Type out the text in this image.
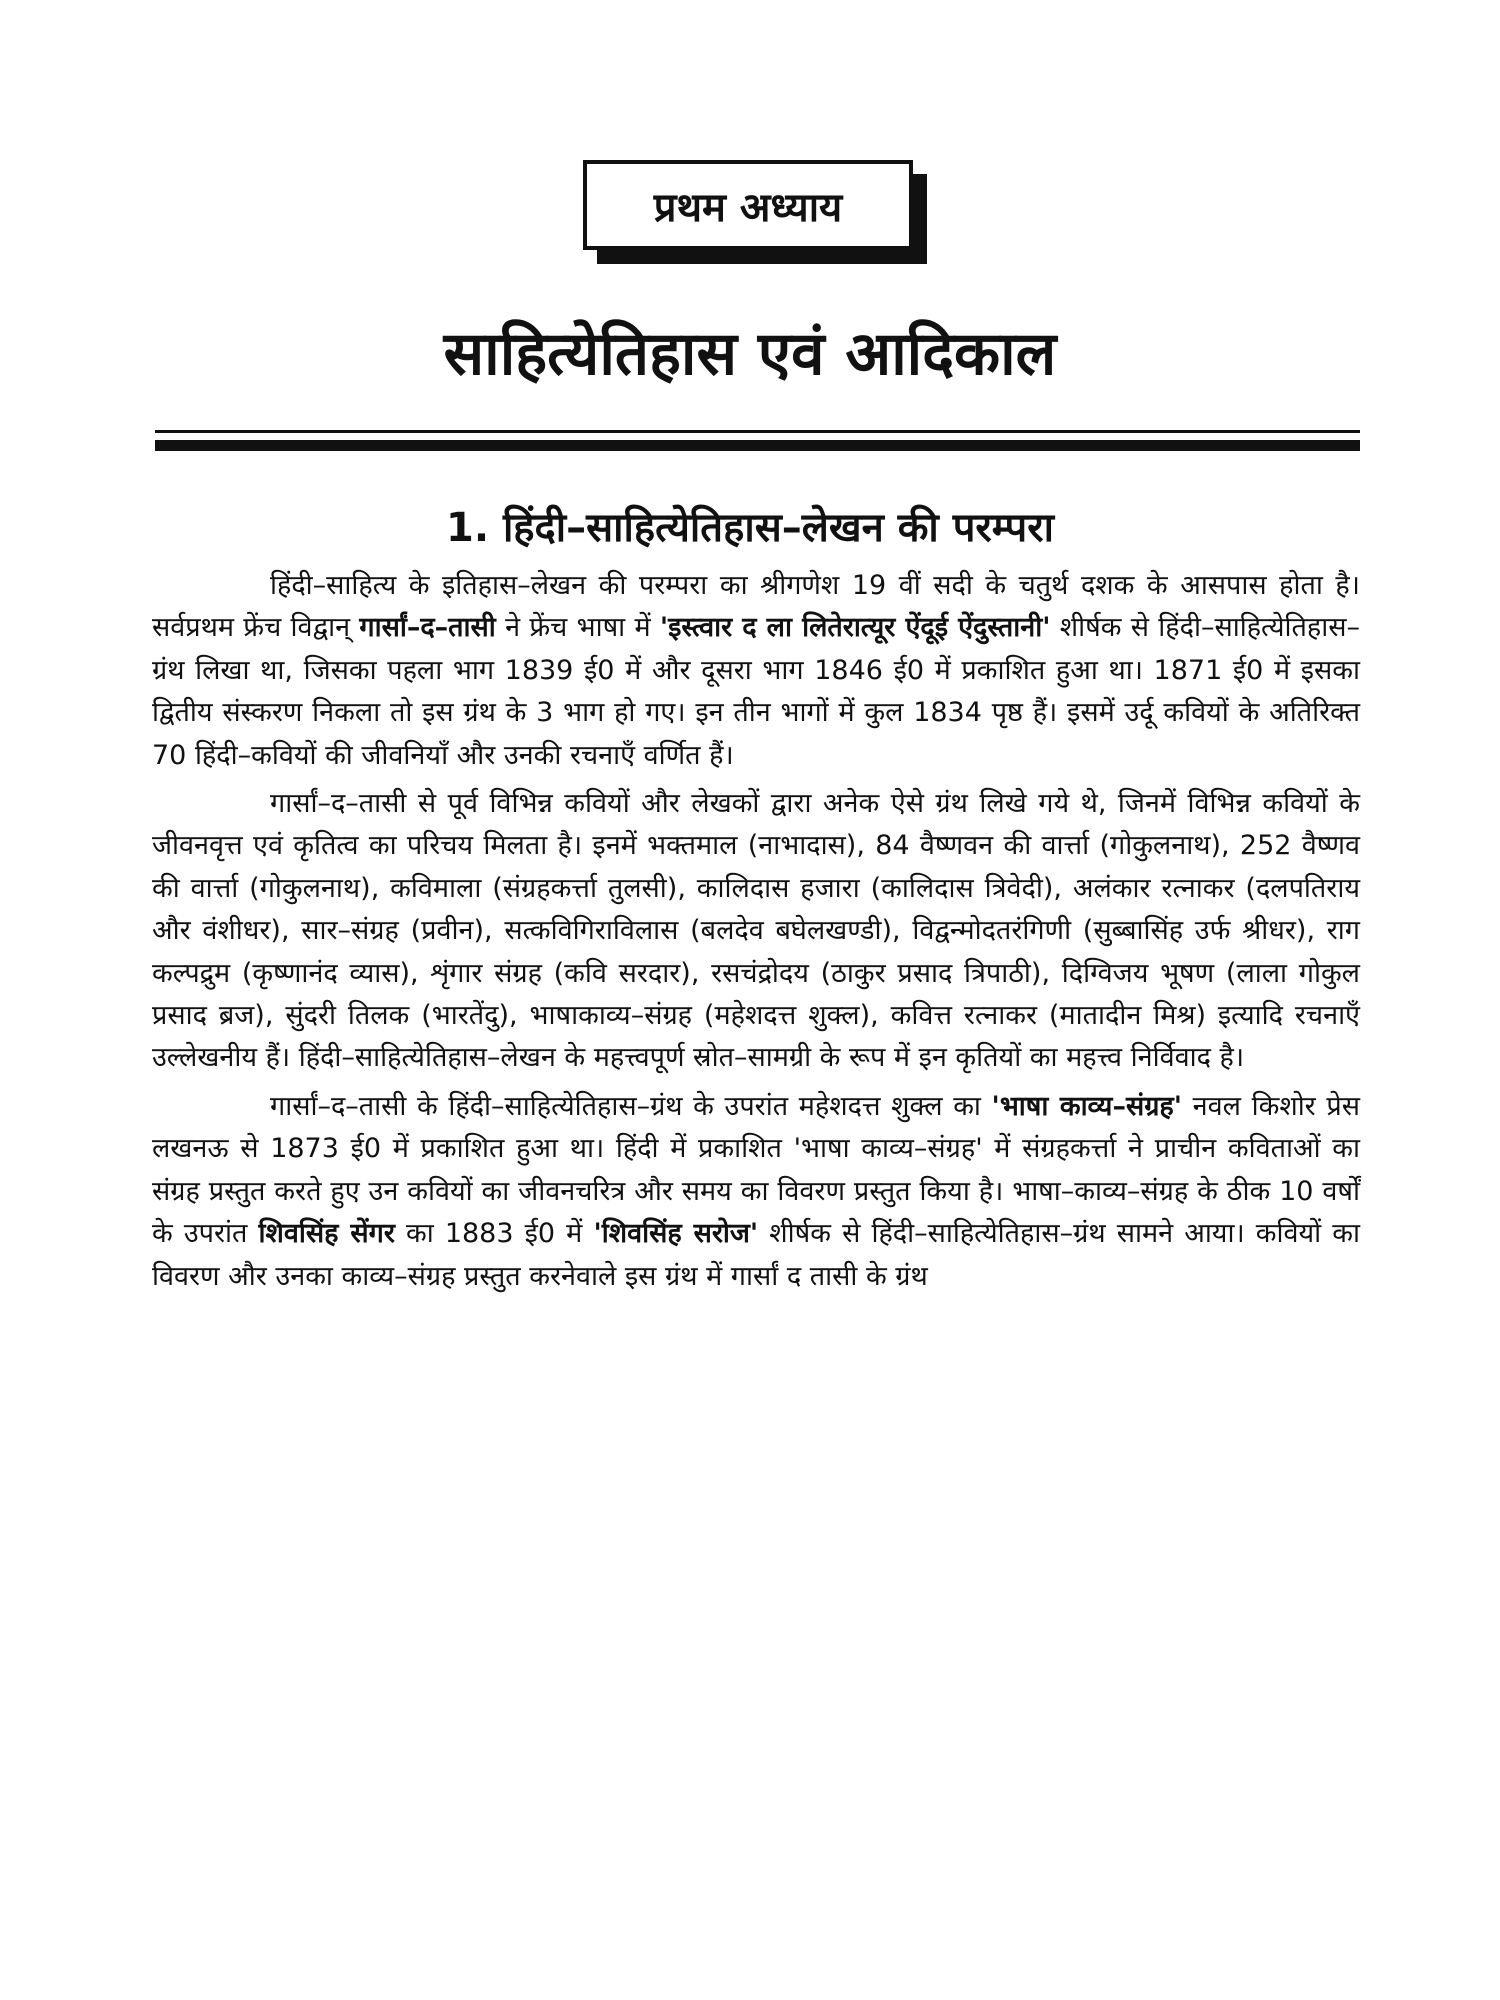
प्रथम अध्याय
साहित्येतिहास एवं आदिकाल
1. हिंदी–साहित्येतिहास–लेखन की परम्परा

हिंदी–साहित्य के इतिहास–लेखन की परम्परा का श्रीगणेश 19 वीं सदी के चतुर्थ दशक के आसपास होता है। सर्वप्रथम फ्रेंच विद्वान् गार्सां–द–तासी ने फ्रेंच भाषा में 'इस्त्वार द ला लितेरात्यूर ऐंदूई ऐंदुस्तानी' शीर्षक से हिंदी–साहित्येतिहास–ग्रंथ लिखा था, जिसका पहला भाग 1839 ई0 में और दूसरा भाग 1846 ई0 में प्रकाशित हुआ था। 1871 ई0 में इसका द्वितीय संस्करण निकला तो इस ग्रंथ के 3 भाग हो गए। इन तीन भागों में कुल 1834 पृष्ठ हैं। इसमें उर्दू कवियों के अतिरिक्त 70 हिंदी–कवियों की जीवनियाँ और उनकी रचनाएँ वर्णित हैं।

गार्सां–द–तासी से पूर्व विभिन्न कवियों और लेखकों द्वारा अनेक ऐसे ग्रंथ लिखे गये थे, जिनमें विभिन्न कवियों के जीवनवृत्त एवं कृतित्व का परिचय मिलता है। इनमें भक्तमाल (नाभादास), 84 वैष्णवन की वार्त्ता (गोकुलनाथ), 252 वैष्णव की वार्त्ता (गोकुलनाथ), कविमाला (संग्रहकर्त्ता तुलसी), कालिदास हजारा (कालिदास त्रिवेदी), अलंकार रत्नाकर (दलपतिराय और वंशीधर), सार–संग्रह (प्रवीन), सत्कविगिराविलास (बलदेव बघेलखण्डी), विद्वन्मोदतरंगिणी (सुब्बासिंह उर्फ श्रीधर), राग कल्पद्रुम (कृष्णानंद व्यास), शृंगार संग्रह (कवि सरदार), रसचंद्रोदय (ठाकुर प्रसाद त्रिपाठी), दिग्विजय भूषण (लाला गोकुल प्रसाद ब्रज), सुंदरी तिलक (भारतेंदु), भाषाकाव्य–संग्रह (महेशदत्त शुक्ल), कवित्त रत्नाकर (मातादीन मिश्र) इत्यादि रचनाएँ उल्लेखनीय हैं। हिंदी–साहित्येतिहास–लेखन के महत्त्वपूर्ण स्रोत–सामग्री के रूप में इन कृतियों का महत्त्व निर्विवाद है।

गार्सां–द–तासी के हिंदी–साहित्येतिहास–ग्रंथ के उपरांत महेशदत्त शुक्ल का 'भाषा काव्य–संग्रह' नवल किशोर प्रेस लखनऊ से 1873 ई0 में प्रकाशित हुआ था। हिंदी में प्रकाशित 'भाषा काव्य–संग्रह' में संग्रहकर्त्ता ने प्राचीन कविताओं का संग्रह प्रस्तुत करते हुए उन कवियों का जीवनचरित्र और समय का विवरण प्रस्तुत किया है। भाषा–काव्य–संग्रह के ठीक 10 वर्षों के उपरांत शिवसिंह सेंगर का 1883 ई0 में 'शिवसिंह सरोज' शीर्षक से हिंदी–साहित्येतिहास–ग्रंथ सामने आया। कवियों का विवरण और उनका काव्य–संग्रह प्रस्तुत करनेवाले इस ग्रंथ में गार्सां द तासी के ग्रंथ
